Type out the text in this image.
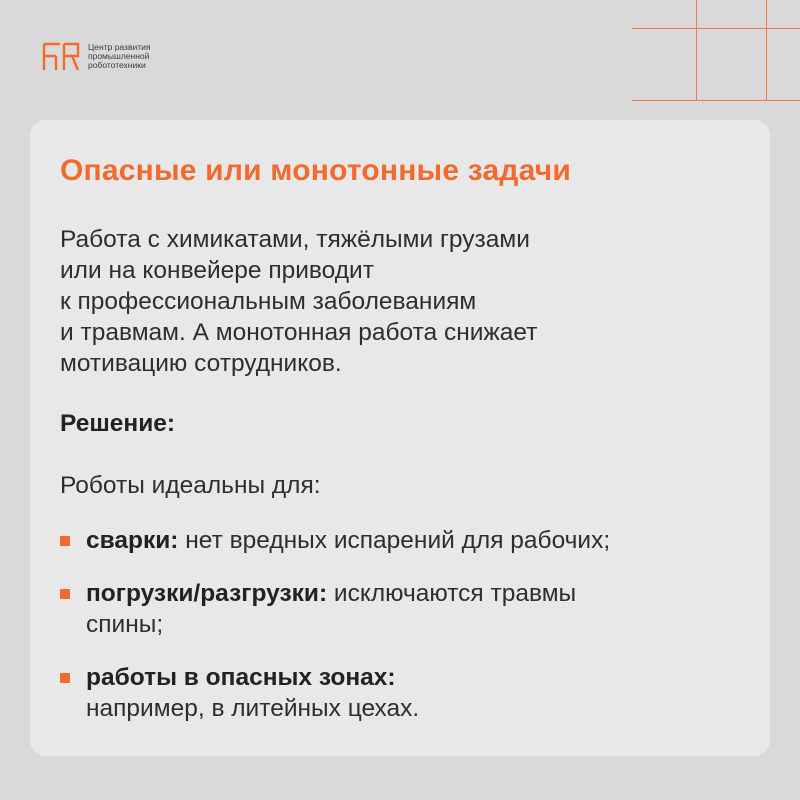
Центр развития
промышленной
робототехники
Опасные или монотонные задачи

Работа с химикатами, тяжёлыми грузами
или на конвейере приводит
к профессиональным заболеваниям
и травмам. А монотонная работа снижает
мотивацию сотрудников.

Решение:

Роботы идеальны для:

сварки: нет вредных испарений для рабочих;
погрузки/разгрузки: исключаются травмы
спины;
работы в опасных зонах:
например, в литейных цехах.
